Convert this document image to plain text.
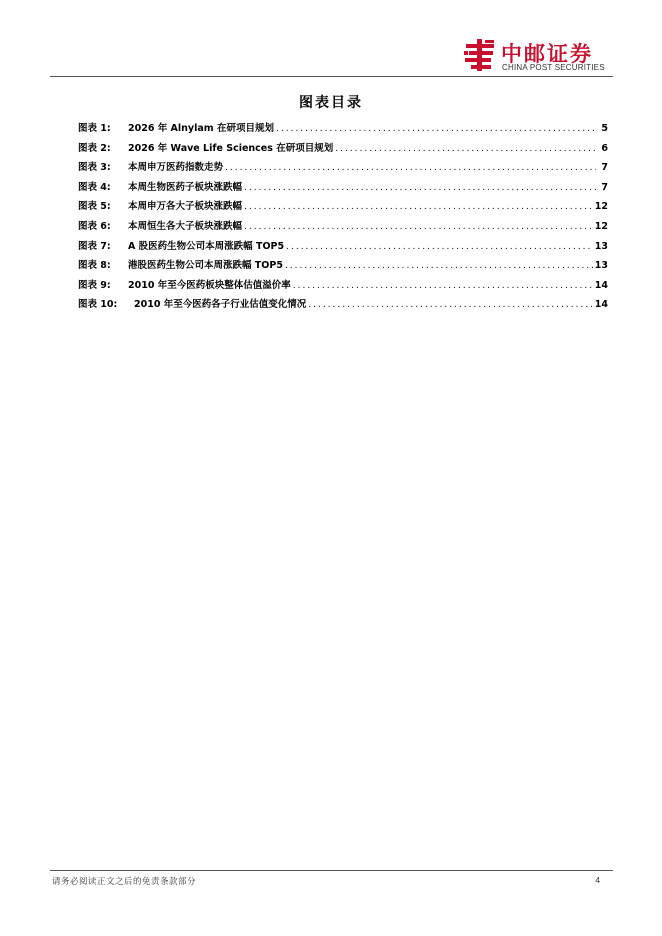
中邮证券
CHINA POST SECURITIES
图表目录
图表 1:	2026 年 Alnylam 在研项目规划 .....	5
图表 2:	2026 年 Wave Life Sciences 在研项目规划 .....	6
图表 3:	本周申万医药指数走势 .....	7
图表 4:	本周生物医药子板块涨跌幅 .....	7
图表 5:	本周申万各大子板块涨跌幅 .....	12
图表 6:	本周恒生各大子板块涨跌幅 .....	12
图表 7:	A 股医药生物公司本周涨跌幅 TOP5 .....	13
图表 8:	港股医药生物公司本周涨跌幅 TOP5 .....	13
图表 9:	2010 年至今医药板块整体估值溢价率 .....	14
图表 10:	2010 年至今医药各子行业估值变化情况 .....	14
请务必阅读正文之后的免责条款部分	4
